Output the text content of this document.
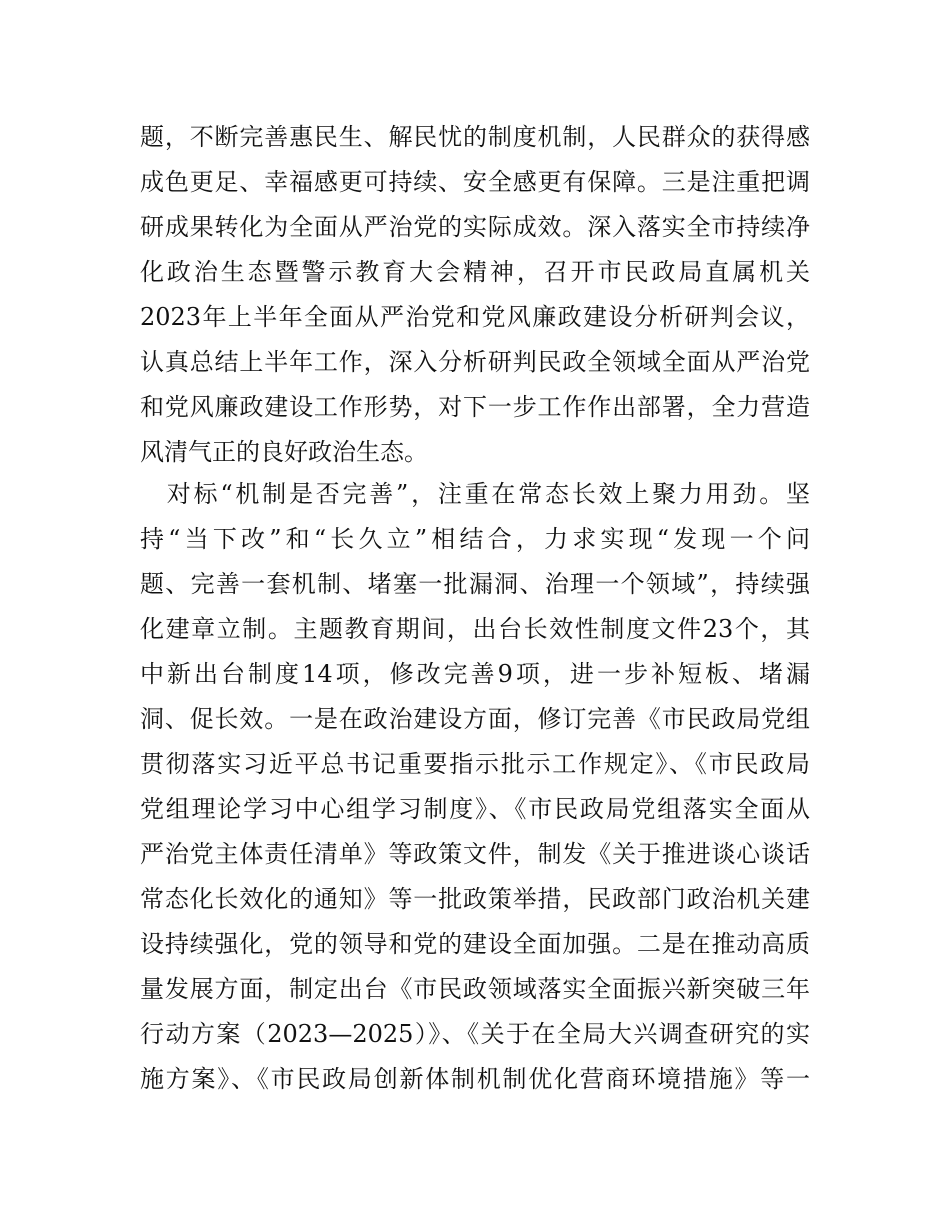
题，不断完善惠民生、解民忧的制度机制，人民群众的获得感
成色更足、幸福感更可持续、安全感更有保障。三是注重把调
研成果转化为全面从严治党的实际成效。深入落实全市持续净
化政治生态暨警示教育大会精神，召开市民政局直属机关
2023年上半年全面从严治党和党风廉政建设分析研判会议，
认真总结上半年工作，深入分析研判民政全领域全面从严治党
和党风廉政建设工作形势，对下一步工作作出部署，全力营造
风清气正的良好政治生态。
　对标“机制是否完善”，注重在常态长效上聚力用劲。坚
持“当下改”和“长久立”相结合，力求实现“发现一个问
题、完善一套机制、堵塞一批漏洞、治理一个领域”，持续强
化建章立制。主题教育期间，出台长效性制度文件23个，其
中新出台制度14项，修改完善9项，进一步补短板、堵漏
洞、促长效。一是在政治建设方面，修订完善《市民政局党组
贯彻落实习近平总书记重要指示批示工作规定》、《市民政局
党组理论学习中心组学习制度》、《市民政局党组落实全面从
严治党主体责任清单》等政策文件，制发《关于推进谈心谈话
常态化长效化的通知》等一批政策举措，民政部门政治机关建
设持续强化，党的领导和党的建设全面加强。二是在推动高质
量发展方面，制定出台《市民政领域落实全面振兴新突破三年
行动方案（2023—2025）》、《关于在全局大兴调查研究的实
施方案》、《市民政局创新体制机制优化营商环境措施》等一
